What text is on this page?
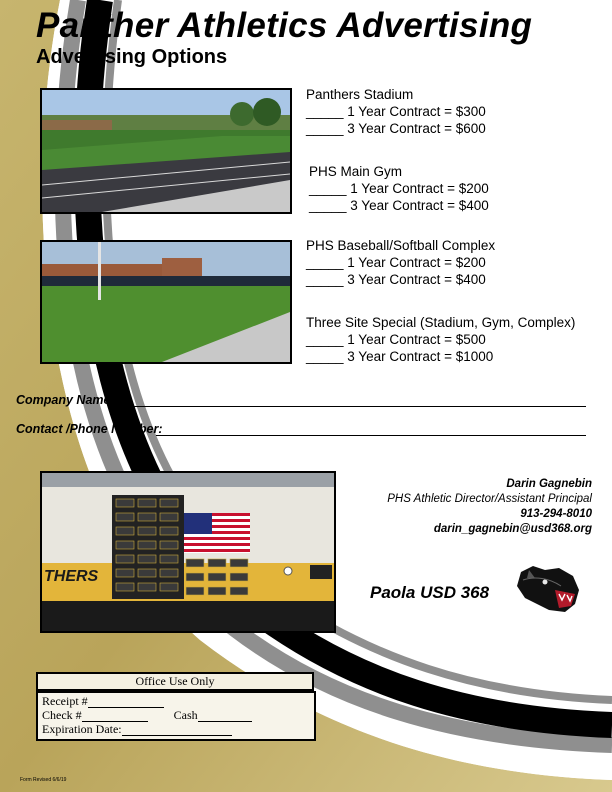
Panther Athletics Advertising
Advertising Options
Panthers Stadium
_____ 1 Year Contract = $300
_____ 3 Year Contract = $600
PHS Main Gym
_____ 1 Year Contract = $200
_____ 3 Year Contract = $400
PHS Baseball/Softball Complex
_____ 1 Year Contract = $200
_____ 3 Year Contract = $400
Three Site Special (Stadium, Gym, Complex)
_____ 1 Year Contract = $500
_____ 3 Year Contract = $1000
Company Name:
Contact /Phone Number:
THERS
Darin Gagnebin
PHS Athletic Director/Assistant Principal
913-294-8010
darin_gagnebin@usd368.org
Paola USD 368
Office Use Only
Receipt #
Check #	Cash
Expiration Date:
Form Revised 6/6/19
